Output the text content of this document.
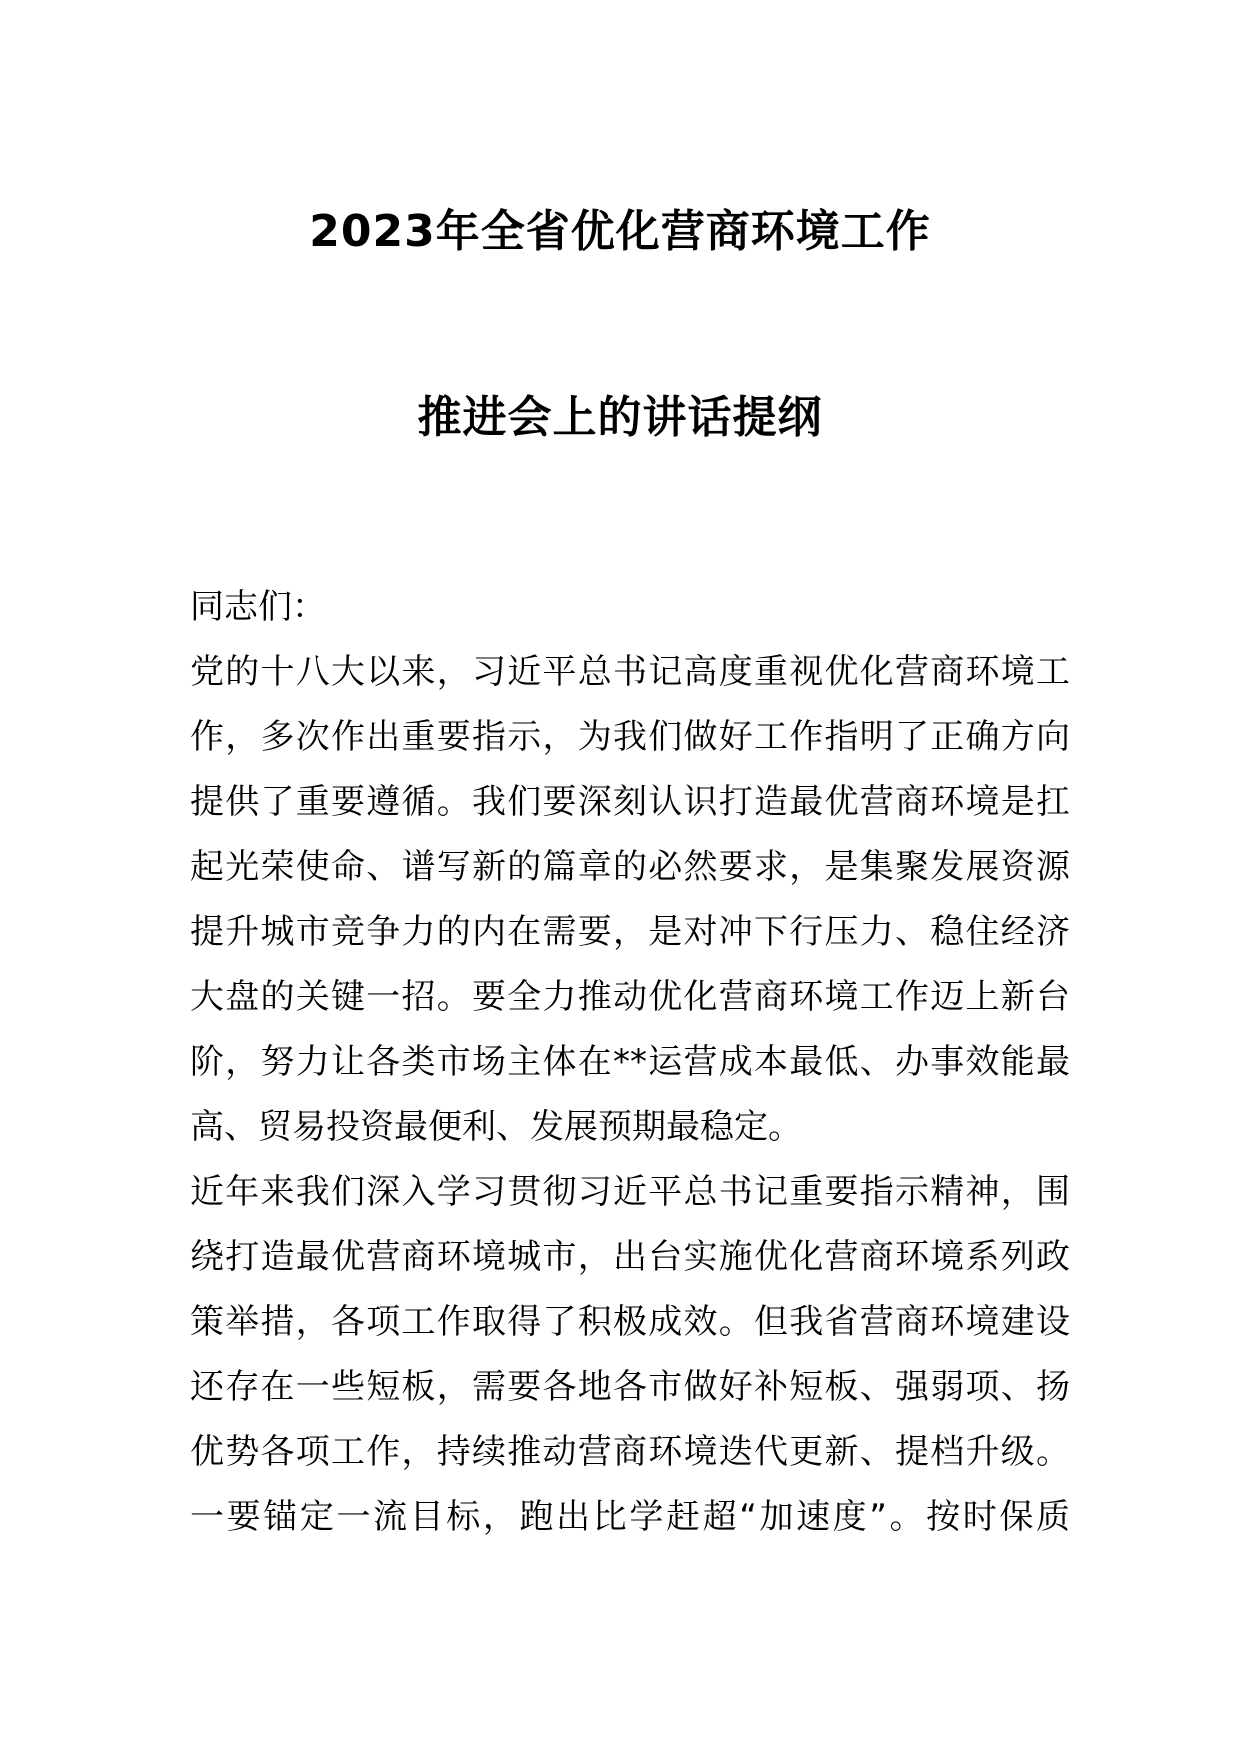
2023年全省优化营商环境工作
推进会上的讲话提纲
同志们：
党的十八大以来，习近平总书记高度重视优化营商环境工
作，多次作出重要指示，为我们做好工作指明了正确方向
提供了重要遵循。我们要深刻认识打造最优营商环境是扛
起光荣使命、谱写新的篇章的必然要求，是集聚发展资源
提升城市竞争力的内在需要，是对冲下行压力、稳住经济
大盘的关键一招。要全力推动优化营商环境工作迈上新台
阶，努力让各类市场主体在**运营成本最低、办事效能最
高、贸易投资最便利、发展预期最稳定。
近年来我们深入学习贯彻习近平总书记重要指示精神，围
绕打造最优营商环境城市，出台实施优化营商环境系列政
策举措，各项工作取得了积极成效。但我省营商环境建设
还存在一些短板，需要各地各市做好补短板、强弱项、扬
优势各项工作，持续推动营商环境迭代更新、提档升级。
一要锚定一流目标，跑出比学赶超“加速度”。按时保质
